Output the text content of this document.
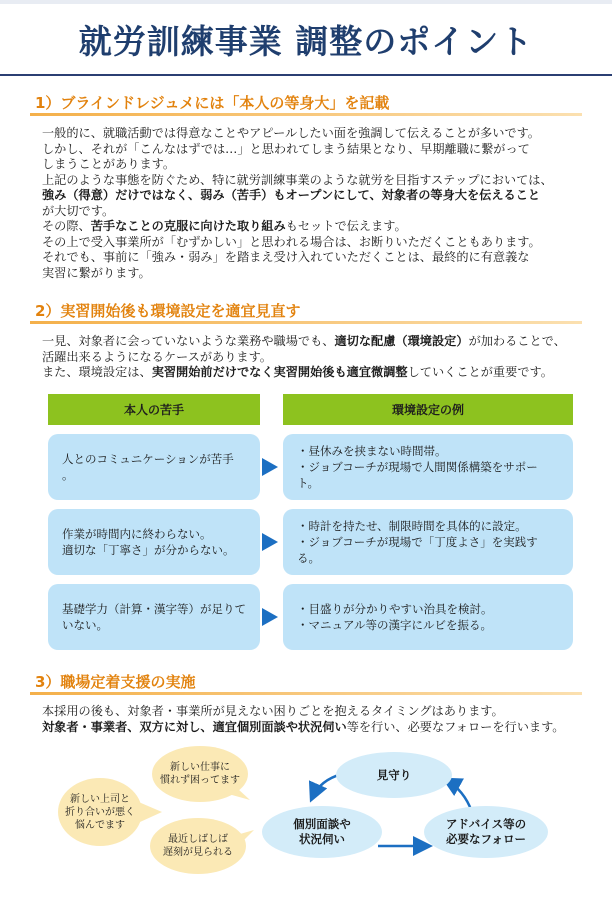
就労訓練事業 調整のポイント
1）ブラインドレジュメには「本人の等身大」を記載

一般的に、就職活動では得意なことやアピールしたい面を強調して伝えることが多いです。

しかし、それが「こんなはずでは…」と思われてしまう結果となり、早期離職に繋がって

しまうことがあります。

上記のような事態を防ぐため、特に就労訓練事業のような就労を目指すステップにおいては、

強み（得意）だけではなく、弱み（苦手）もオープンにして、対象者の等身大を伝えること

が大切です。

その際、苦手なことの克服に向けた取り組みもセットで伝えます。

その上で受入事業所が「むずかしい」と思われる場合は、お断りいただくこともあります。

それでも、事前に「強み・弱み」を踏まえ受け入れていただくことは、最終的に有意義な

実習に繋がります。

2）実習開始後も環境設定を適宜見直す

一見、対象者に会っていないような業務や職場でも、適切な配慮（環境設定）が加わることで、

活躍出来るようになるケースがあります。

また、環境設定は、実習開始前だけでなく実習開始後も適宜微調整していくことが重要です。

本人の苦手	環境設定の例

人とのコミュニケーションが苦手 。

・昼休みを挟まない時間帯。

・ジョブコーチが現場で人間関係構築をサポート。

作業が時間内に終わらない。

適切な「丁寧さ」が分からない。

・時計を持たせ、制限時間を具体的に設定。

・ジョブコーチが現場で「丁度よさ」を実践する。

基礎学力（計算・漢字等）が足りて

いない。

・目盛りが分かりやすい治具を検討。

・マニュアル等の漢字にルビを振る。

3）職場定着支援の実施

本採用の後も、対象者・事業所が見えない困りごとを抱えるタイミングはあります。

対象者・事業者、双方に対し、適宜個別面談や状況伺い等を行い、必要なフォローを行います。

新しい仕事に
慣れず困ってます
新しい上司と
折り合いが悪く
悩んでます
最近しばしば
遅刻が見られる
見守り
個別面談や
状況伺い
アドバイス等の
必要なフォロー
